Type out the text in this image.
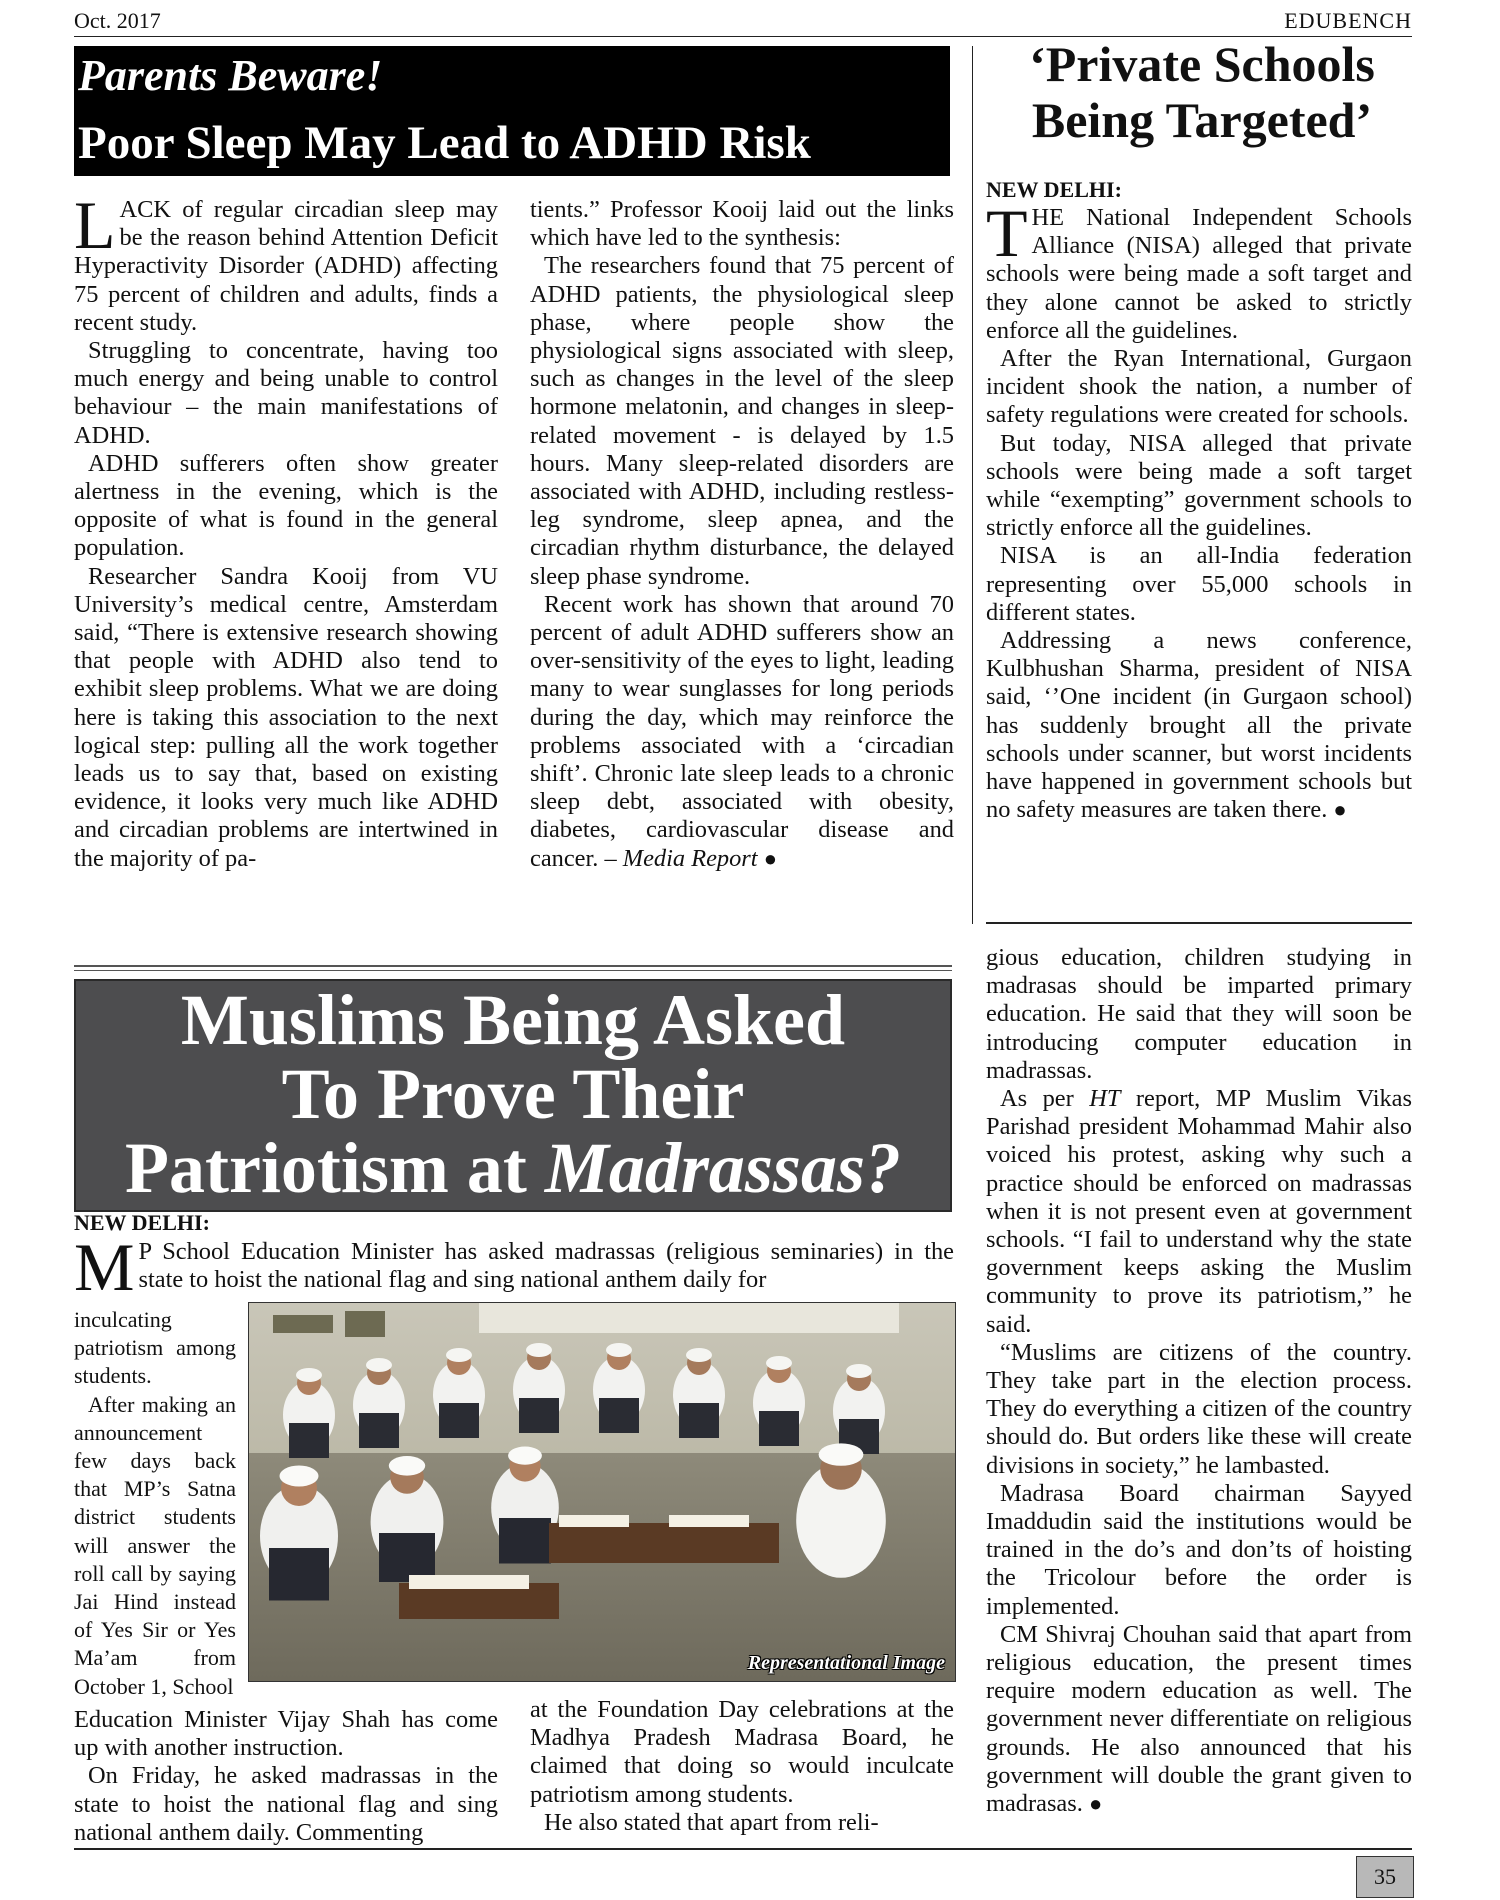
Oct. 2017	EDUBENCH
Parents Beware!
Poor Sleep May Lead to ADHD Risk

LACK of regular circadian sleep may be the reason behind Attention Deficit Hyperactivity Disorder (ADHD) affecting 75 percent of children and adults, finds a recent study.

Struggling to concentrate, having too much energy and being unable to control behaviour – the main manifestations of ADHD.

ADHD sufferers often show greater alertness in the evening, which is the opposite of what is found in the general population.

Researcher Sandra Kooij from VU University’s medical centre, Amsterdam said, “There is extensive research showing that people with ADHD also tend to exhibit sleep problems. What we are doing here is taking this association to the next logical step: pulling all the work together leads us to say that, based on existing evidence, it looks very much like ADHD and circadian problems are intertwined in the majority of pa-

tients.” Professor Kooij laid out the links which have led to the synthesis:

The researchers found that 75 percent of ADHD patients, the physiological sleep phase, where people show the physiological signs associated with sleep, such as changes in the level of the sleep hormone melatonin, and changes in sleep-related movement - is delayed by 1.5 hours. Many sleep-related disorders are associated with ADHD, including restless-leg syndrome, sleep apnea, and the circadian rhythm disturbance, the delayed sleep phase syndrome.

Recent work has shown that around 70 percent of adult ADHD sufferers show an over-sensitivity of the eyes to light, leading many to wear sunglasses for long periods during the day, which may reinforce the problems associated with a ‘circadian shift’. Chronic late sleep leads to a chronic sleep debt, associated with obesity, diabetes, cardiovascular disease and cancer. – Media Report ●

‘Private Schools Being Targeted’
NEW DELHI:

THE National Independent Schools Alliance (NISA) alleged that private schools were being made a soft target and they alone cannot be asked to strictly enforce all the guidelines.

After the Ryan International, Gurgaon incident shook the nation, a number of safety regulations were created for schools.

But today, NISA alleged that private schools were being made a soft target while “exempting” government schools to strictly enforce all the guidelines.

NISA is an all-India federation representing over 55,000 schools in different states.

Addressing a news conference, Kulbhushan Sharma, president of NISA said, ‘’One incident (in Gurgaon school) has suddenly brought all the private schools under scanner, but worst incidents have happened in government schools but no safety measures are taken there. ●

Muslims Being Asked
To Prove Their
Patriotism at Madrassas?
NEW DELHI:

M P School Education Minister has asked madrassas (religious seminaries) in the state to hoist the national flag and sing national anthem daily for

inculcating patriotism among students.

After making an announcement few days back that MP’s Satna district students will answer the roll call by saying Jai Hind instead of Yes Sir or Yes Ma’am from October 1, School

Representational Image

Education Minister Vijay Shah has come up with another instruction.

On Friday, he asked madrassas in the state to hoist the national flag and sing national anthem daily. Commenting

at the Foundation Day celebrations at the Madhya Pradesh Madrasa Board, he claimed that doing so would inculcate patriotism among students.

He also stated that apart from reli-

gious education, children studying in madrasas should be imparted primary education. He said that they will soon be introducing computer education in madrassas.

As per HT report, MP Muslim Vikas Parishad president Mohammad Mahir also voiced his protest, asking why such a practice should be enforced on madrassas when it is not present even at government schools. “I fail to understand why the state government keeps asking the Muslim community to prove its patriotism,” he said.

“Muslims are citizens of the country. They take part in the election process. They do everything a citizen of the country should do. But orders like these will create divisions in society,” he lambasted.

Madrasa Board chairman Sayyed Imaddudin said the institutions would be trained in the do’s and don’ts of hoisting the Tricolour before the order is implemented.

CM Shivraj Chouhan said that apart from religious education, the present times require modern education as well. The government never differentiate on religious grounds. He also announced that his government will double the grant given to madrasas. ●

35
